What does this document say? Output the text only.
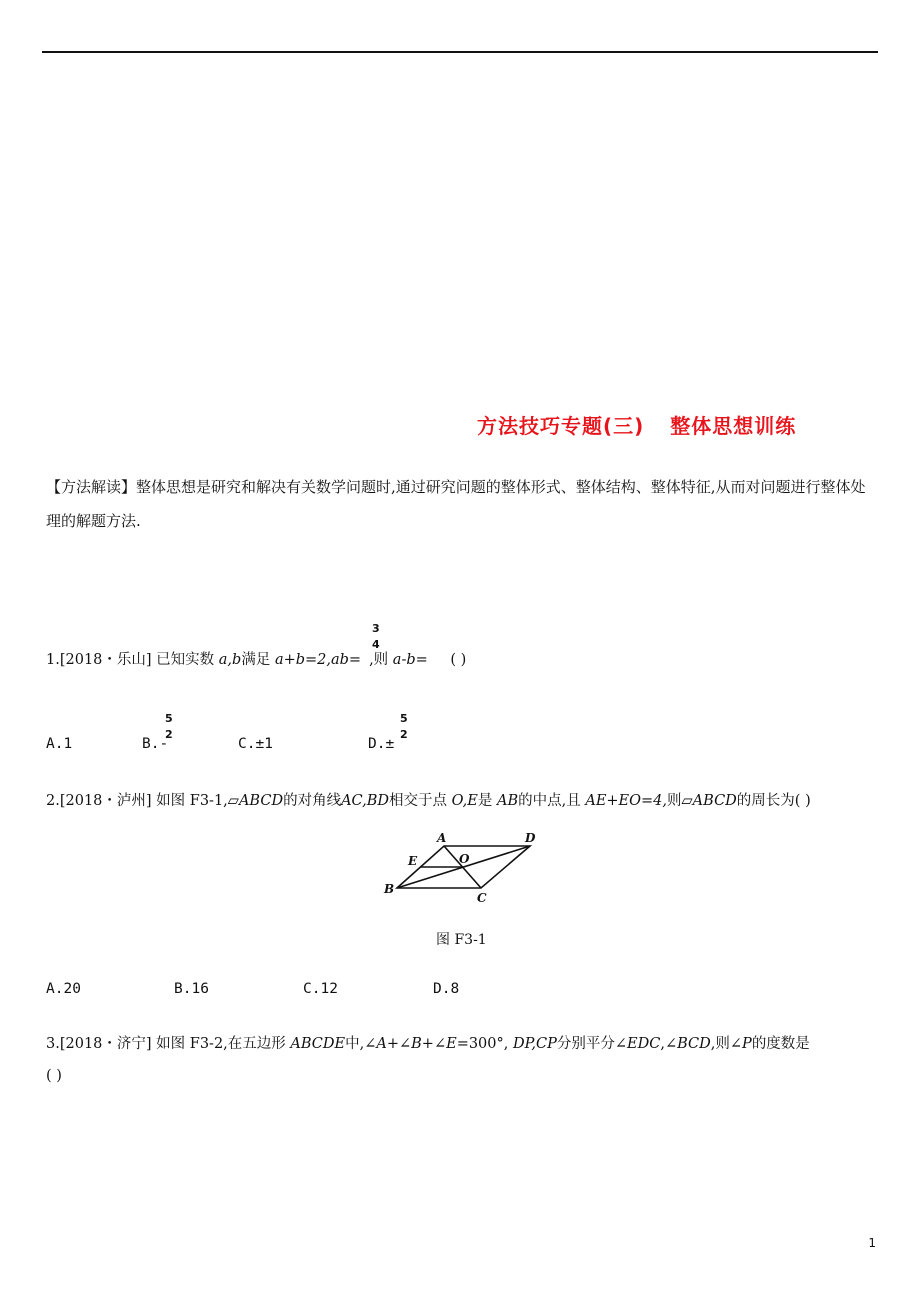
方法技巧专题(三) 整体思想训练
【方法解读】整体思想是研究和解决有关数学问题时,通过研究问题的整体形式、整体结构、整体特征,从而对问题进行整体处理的解题方法.
1.[2018・乐山] 已知实数 a,b满足 a+b=2,ab= ,则 a-b= ( )
3
4
A.1	B.-
5
2
C.±1	D.±
5
2
2.[2018・泸州] 如图 F3-1,▱ABCD的对角线AC,BD相交于点 O,E是 AB的中点,且 AE+EO=4,则▱ABCD的周长为( )
A	D
E	O
B
C
图 F3-1
A.20	B.16	C.12	D.8
3.[2018・济宁] 如图 F3-2,在五边形 ABCDE中,∠A+∠B+∠E=300°, DP,CP分别平分∠EDC,∠BCD,则∠P的度数是
( )
1
